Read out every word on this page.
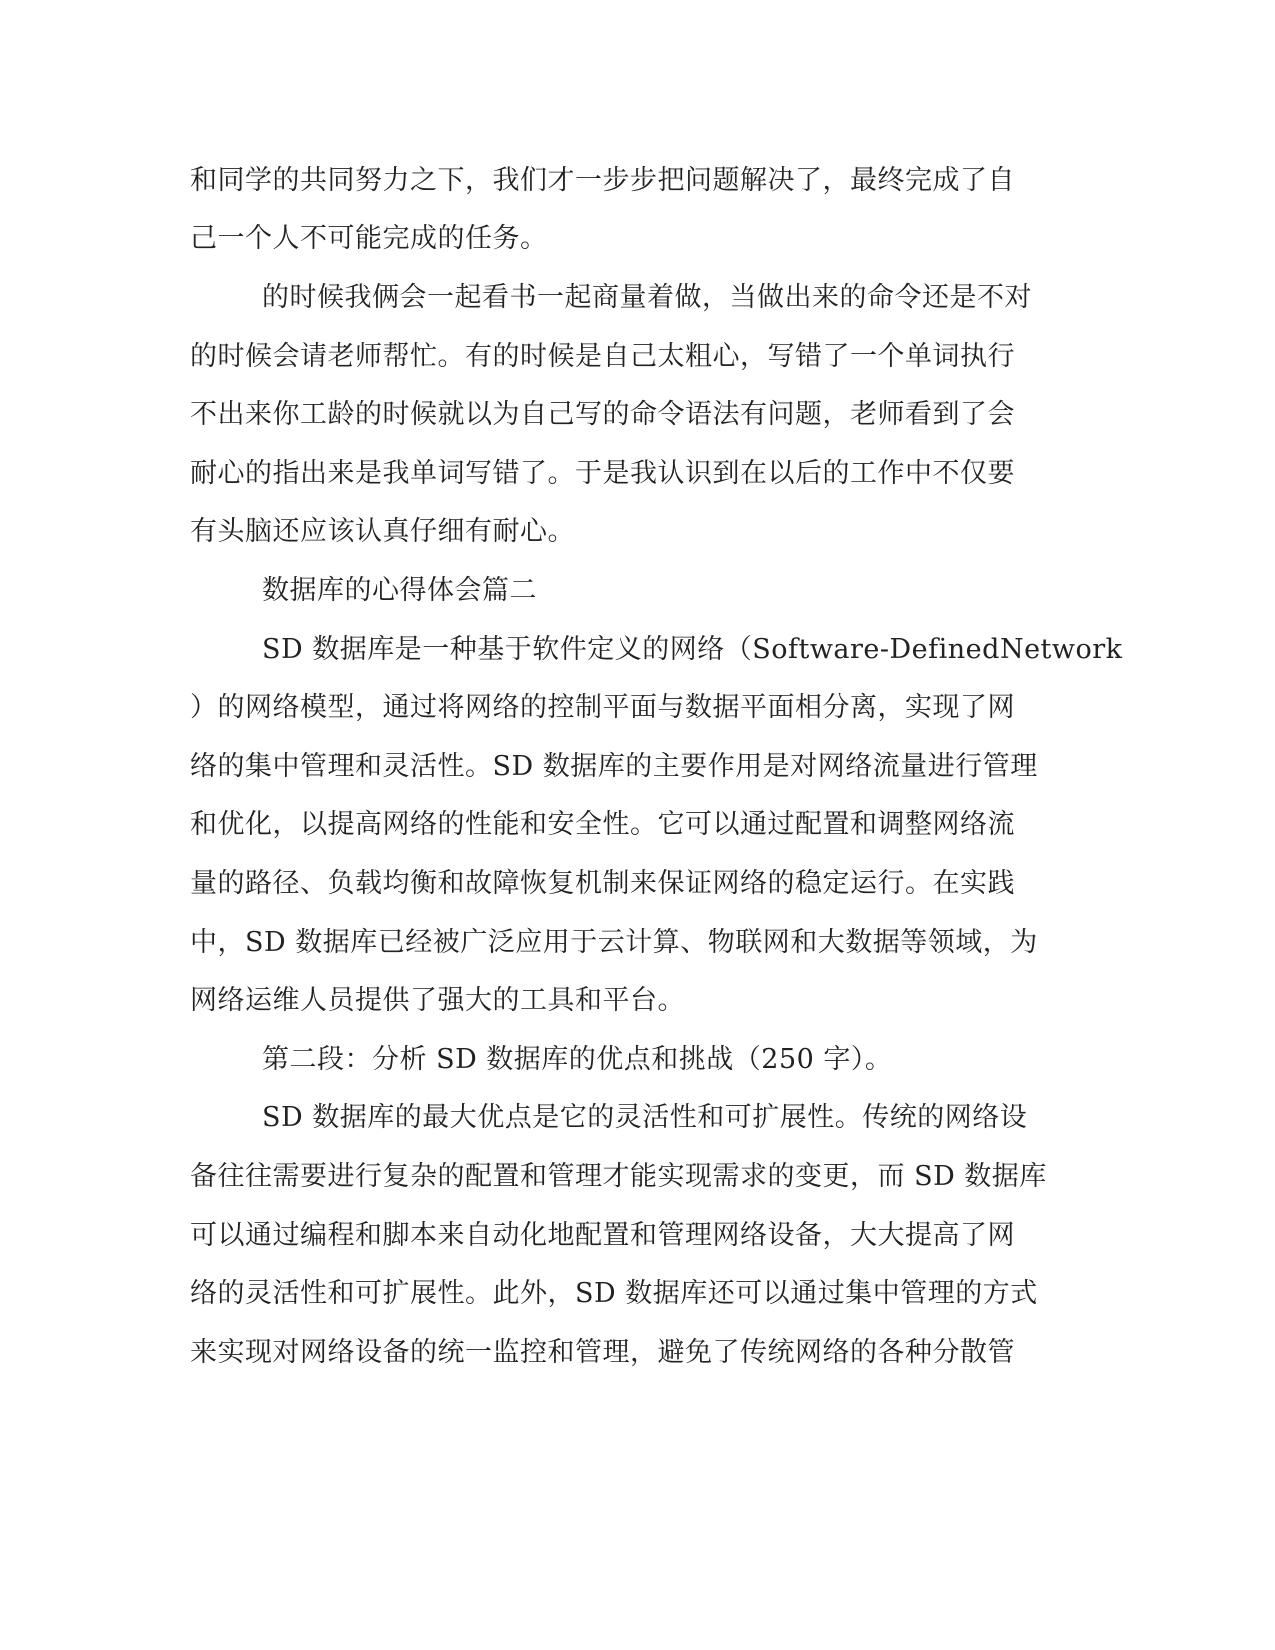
和同学的共同努力之下，我们才一步步把问题解决了，最终完成了自
己一个人不可能完成的任务。
的时候我俩会一起看书一起商量着做，当做出来的命令还是不对
的时候会请老师帮忙。有的时候是自己太粗心，写错了一个单词执行
不出来你工龄的时候就以为自己写的命令语法有问题，老师看到了会
耐心的指出来是我单词写错了。于是我认识到在以后的工作中不仅要
有头脑还应该认真仔细有耐心。
数据库的心得体会篇二
SD 数据库是一种基于软件定义的网络（Software-DefinedNetwork
）的网络模型，通过将网络的控制平面与数据平面相分离，实现了网
络的集中管理和灵活性。SD 数据库的主要作用是对网络流量进行管理
和优化，以提高网络的性能和安全性。它可以通过配置和调整网络流
量的路径、负载均衡和故障恢复机制来保证网络的稳定运行。在实践
中，SD 数据库已经被广泛应用于云计算、物联网和大数据等领域，为
网络运维人员提供了强大的工具和平台。
第二段：分析 SD 数据库的优点和挑战（250 字）。
SD 数据库的最大优点是它的灵活性和可扩展性。传统的网络设
备往往需要进行复杂的配置和管理才能实现需求的变更，而 SD 数据库
可以通过编程和脚本来自动化地配置和管理网络设备，大大提高了网
络的灵活性和可扩展性。此外，SD 数据库还可以通过集中管理的方式
来实现对网络设备的统一监控和管理，避免了传统网络的各种分散管
